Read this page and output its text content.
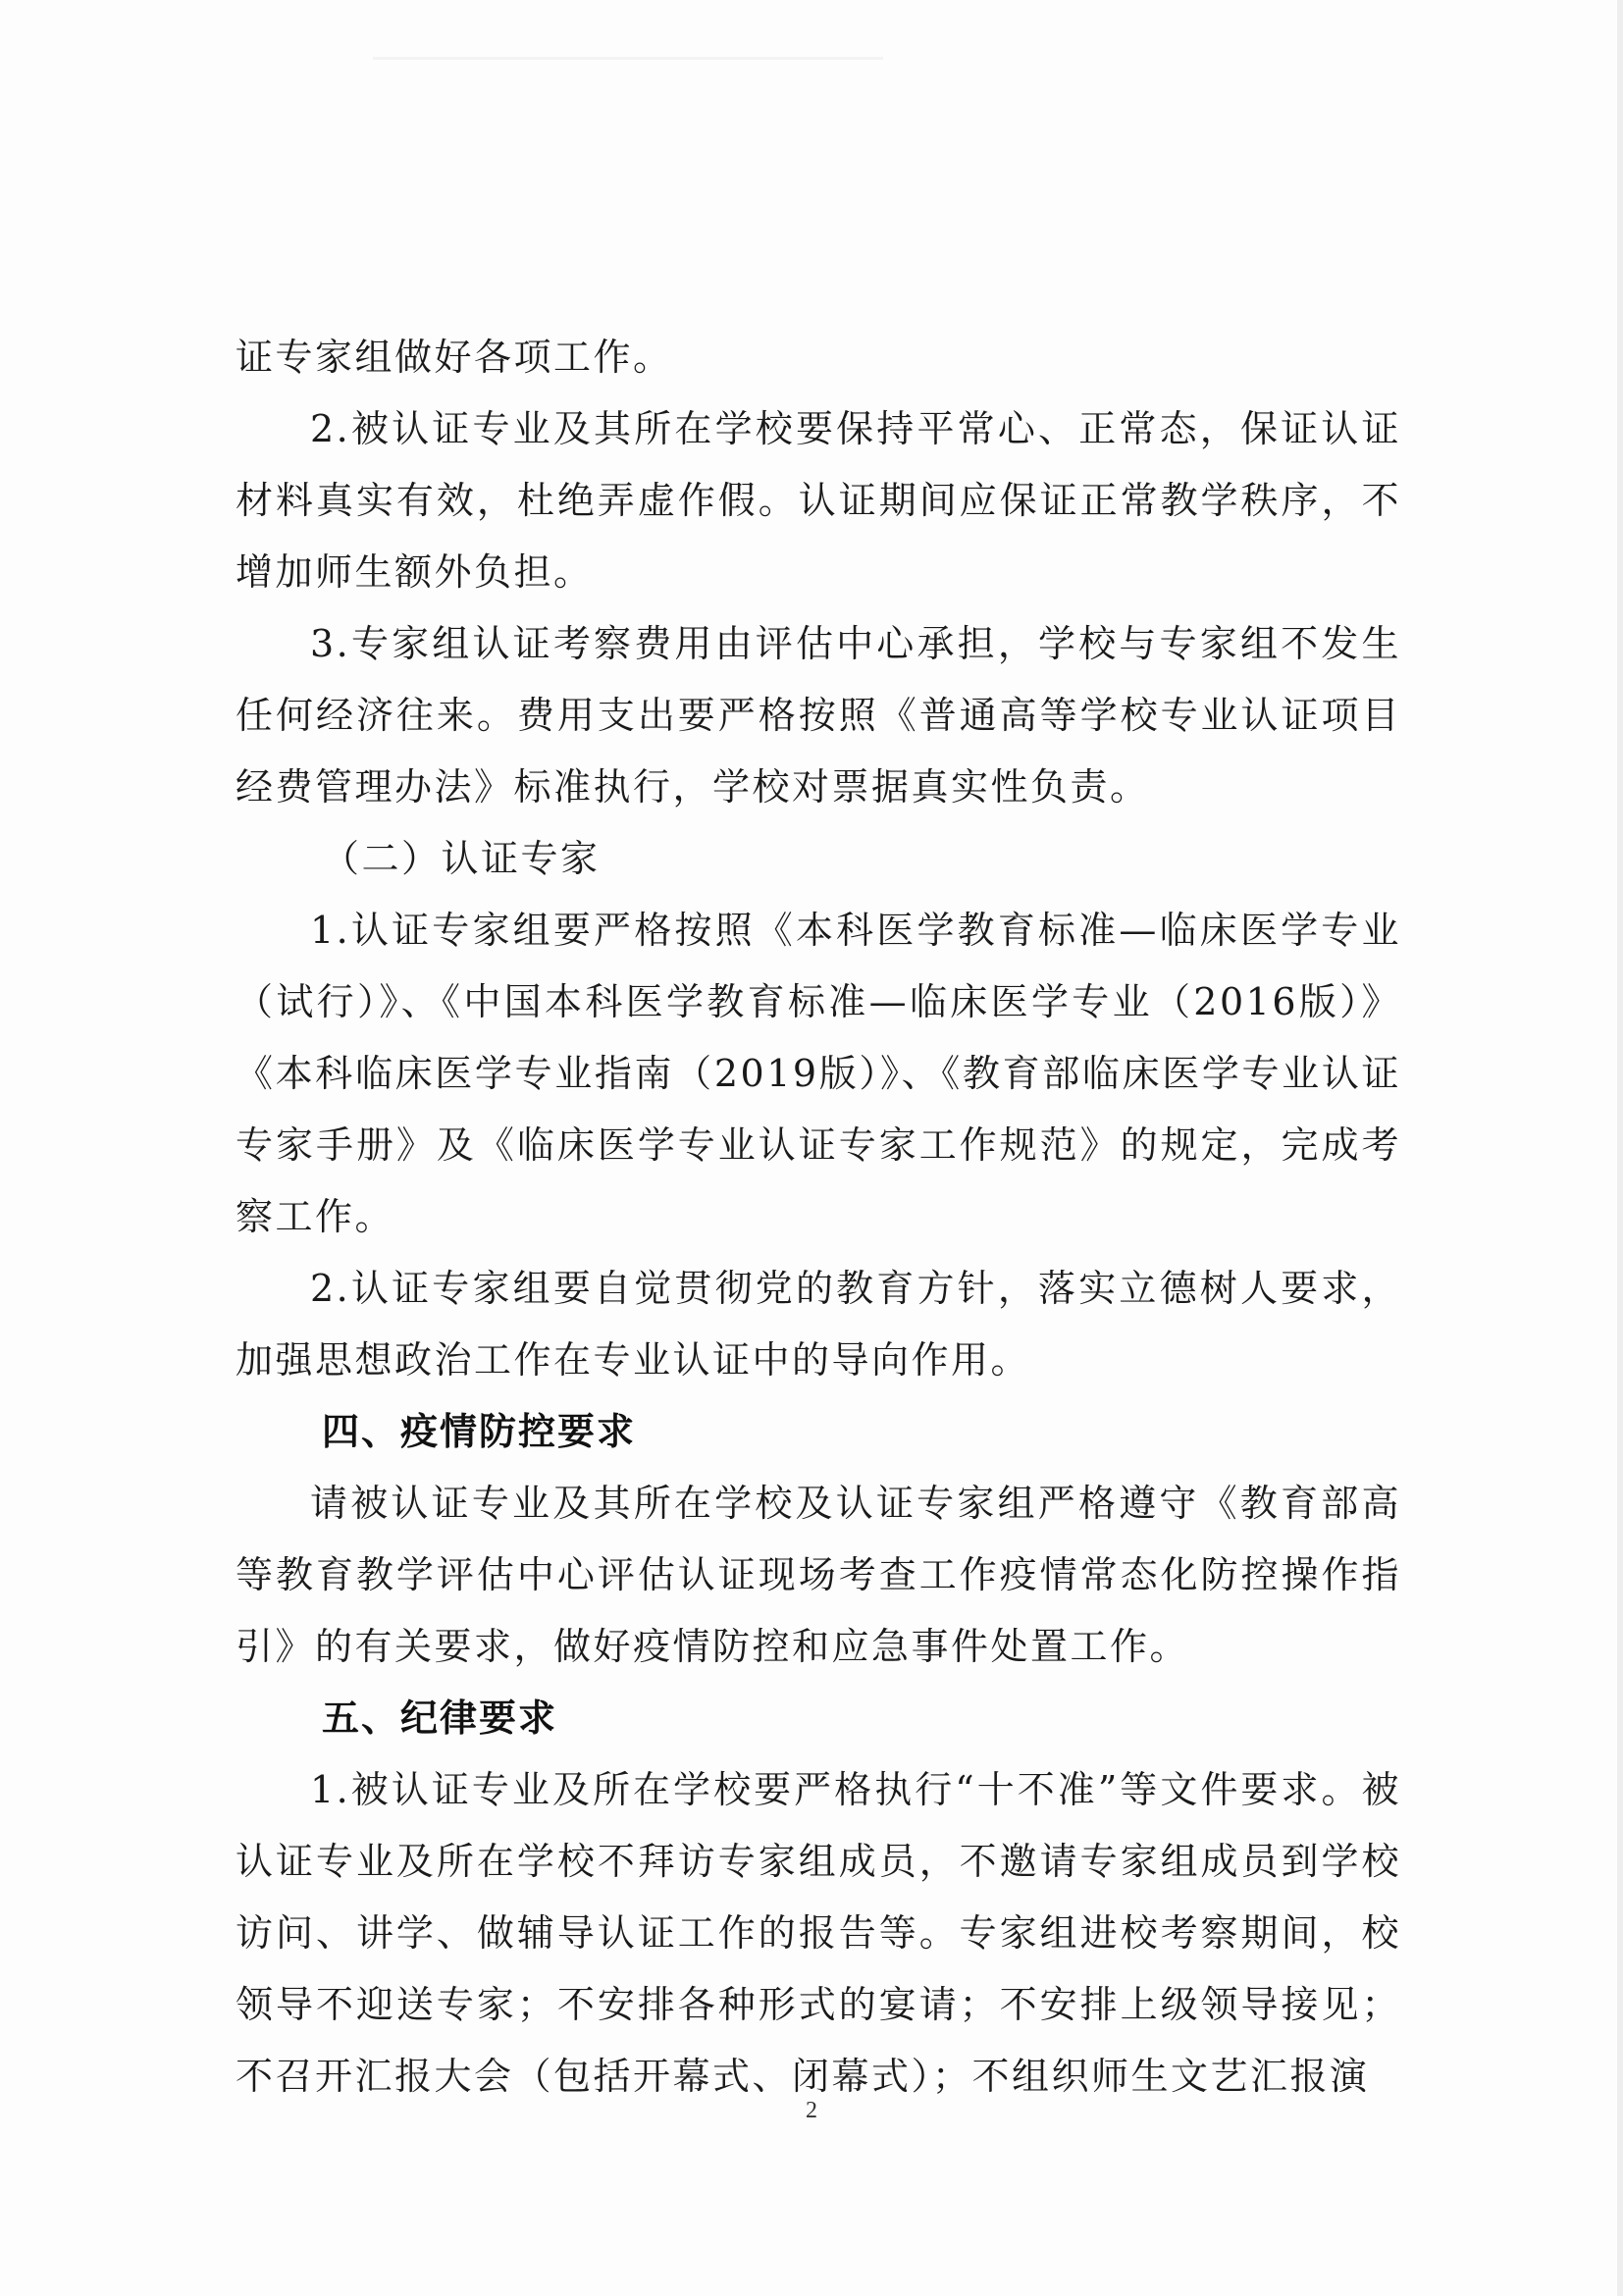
证专家组做好各项工作。

2.被认证专业及其所在学校要保持平常心、正常态，保证认证材料真实有效，杜绝弄虚作假。认证期间应保证正常教学秩序，不增加师生额外负担。

3.专家组认证考察费用由评估中心承担，学校与专家组不发生任何经济往来。费用支出要严格按照《普通高等学校专业认证项目经费管理办法》标准执行，学校对票据真实性负责。

（二）认证专家

1.认证专家组要严格按照《本科医学教育标准—临床医学专业（试行）》、《中国本科医学教育标准—临床医学专业（2016版）》《本科临床医学专业指南（2019版）》、《教育部临床医学专业认证专家手册》及《临床医学专业认证专家工作规范》的规定，完成考察工作。

2.认证专家组要自觉贯彻党的教育方针，落实立德树人要求，加强思想政治工作在专业认证中的导向作用。

四、疫情防控要求

请被认证专业及其所在学校及认证专家组严格遵守《教育部高等教育教学评估中心评估认证现场考查工作疫情常态化防控操作指引》的有关要求，做好疫情防控和应急事件处置工作。

五、纪律要求

1.被认证专业及所在学校要严格执行“十不准”等文件要求。被认证专业及所在学校不拜访专家组成员，不邀请专家组成员到学校访问、讲学、做辅导认证工作的报告等。专家组进校考察期间，校领导不迎送专家；不安排各种形式的宴请；不安排上级领导接见；不召开汇报大会（包括开幕式、闭幕式）；不组织师生文艺汇报演

2
